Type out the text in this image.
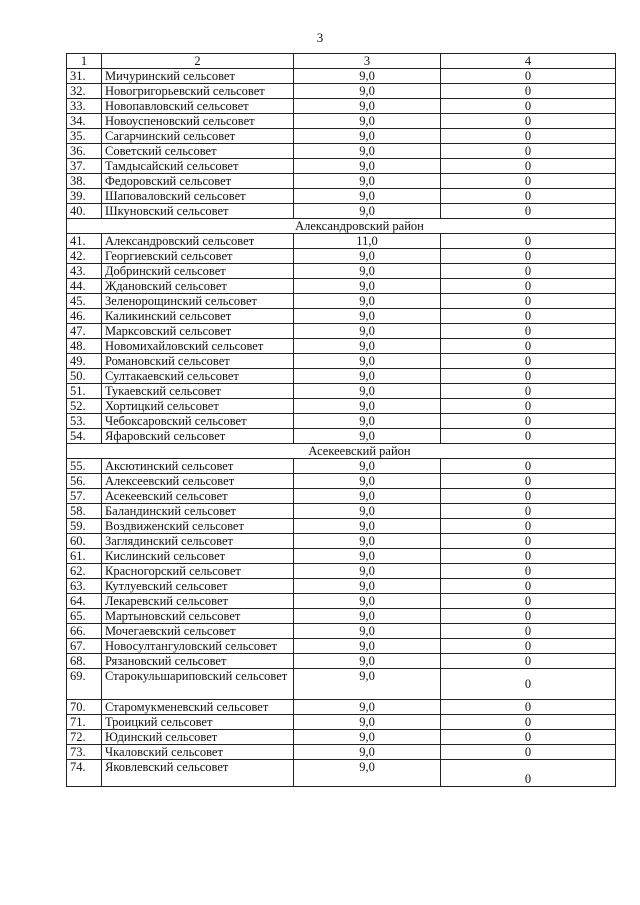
3
1	2	3	4
31.	Мичуринский сельсовет	9,0	0
32.	Новогригорьевский сельсовет	9,0	0
33.	Новопавловский сельсовет	9,0	0
34.	Новоуспеновский сельсовет	9,0	0
35.	Сагарчинский сельсовет	9,0	0
36.	Советский сельсовет	9,0	0
37.	Тамдысайский сельсовет	9,0	0
38.	Федоровский сельсовет	9,0	0
39.	Шаповаловский сельсовет	9,0	0
40.	Шкуновский сельсовет	9,0	0
Александровский район			
41.	Александровский сельсовет	11,0	0
42.	Георгиевский сельсовет	9,0	0
43.	Добринский сельсовет	9,0	0
44.	Ждановский сельсовет	9,0	0
45.	Зеленорощинский сельсовет	9,0	0
46.	Каликинский сельсовет	9,0	0
47.	Марксовский сельсовет	9,0	0
48.	Новомихайловский сельсовет	9,0	0
49.	Романовский сельсовет	9,0	0
50.	Султакаевский сельсовет	9,0	0
51.	Тукаевский сельсовет	9,0	0
52.	Хортицкий сельсовет	9,0	0
53.	Чебоксаровский сельсовет	9,0	0
54.	Яфаровский сельсовет	9,0	0
Асекеевский район			
55.	Аксютинский сельсовет	9,0	0
56.	Алексеевский сельсовет	9,0	0
57.	Асекеевский сельсовет	9,0	0
58.	Баландинский сельсовет	9,0	0
59.	Воздвиженский сельсовет	9,0	0
60.	Заглядинский сельсовет	9,0	0
61.	Кислинский сельсовет	9,0	0
62.	Красногорский сельсовет	9,0	0
63.	Кутлуевский сельсовет	9,0	0
64.	Лекаревский сельсовет	9,0	0
65.	Мартыновский сельсовет	9,0	0
66.	Мочегаевский сельсовет	9,0	0
67.	Новосултангуловский сельсовет	9,0	0
68.	Рязановский сельсовет	9,0	0
69.	Старокульшариповский сельсовет	9,0	0
70.	Старомукменевский сельсовет	9,0	0
71.	Троицкий сельсовет	9,0	0
72.	Юдинский сельсовет	9,0	0
73.	Чкаловский сельсовет	9,0	0
74.	Яковлевский сельсовет	9,0	0
